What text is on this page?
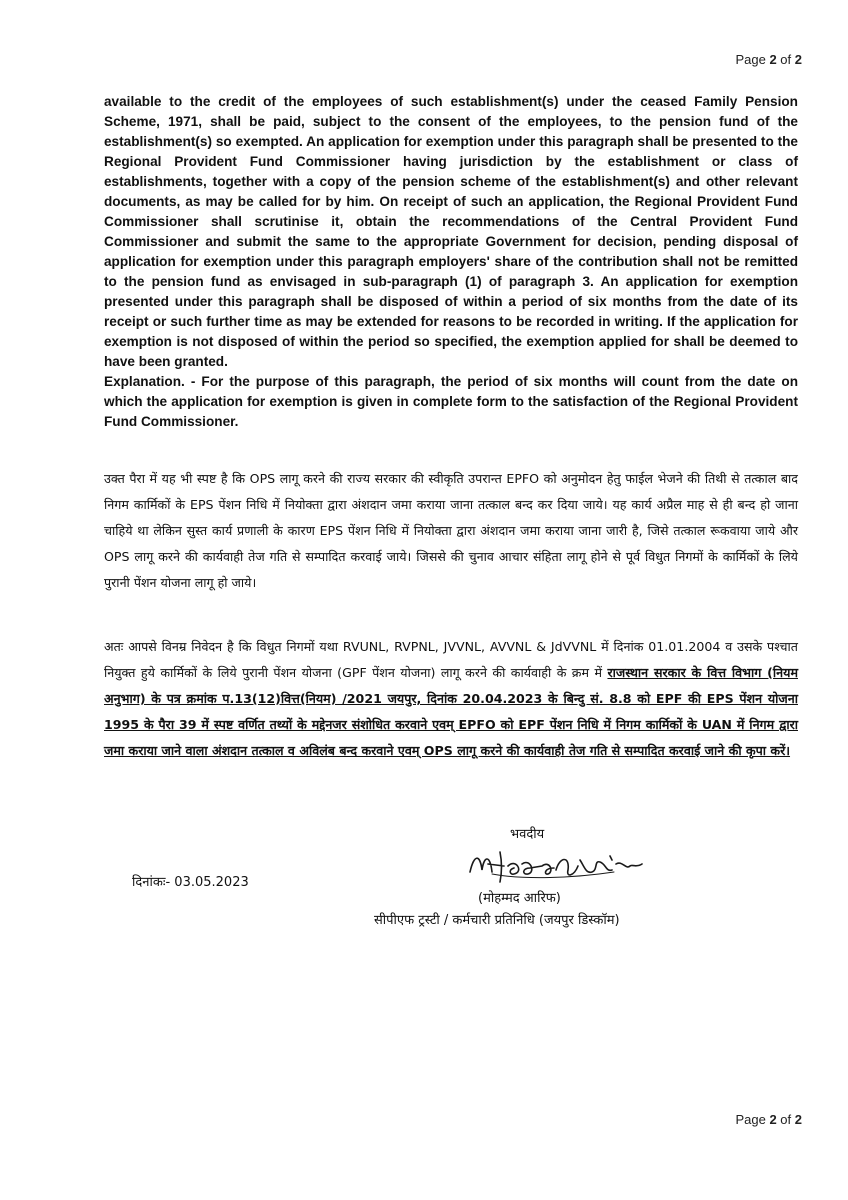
Page 2 of 2

available to the credit of the employees of such establishment(s) under the ceased Family Pension Scheme, 1971, shall be paid, subject to the consent of the employees, to the pension fund of the establishment(s) so exempted. An application for exemption under this paragraph shall be presented to the Regional Provident Fund Commissioner having jurisdiction by the establishment or class of establishments, together with a copy of the pension scheme of the establishment(s) and other relevant documents, as may be called for by him. On receipt of such an application, the Regional Provident Fund Commissioner shall scrutinise it, obtain the recommendations of the Central Provident Fund Commissioner and submit the same to the appropriate Government for decision, pending disposal of application for exemption under this paragraph employers' share of the contribution shall not be remitted to the pension fund as envisaged in sub-paragraph (1) of paragraph 3. An application for exemption presented under this paragraph shall be disposed of within a period of six months from the date of its receipt or such further time as may be extended for reasons to be recorded in writing. If the application for exemption is not disposed of within the period so specified, the exemption applied for shall be deemed to have been granted.

Explanation. - For the purpose of this paragraph, the period of six months will count from the date on which the application for exemption is given in complete form to the satisfaction of the Regional Provident Fund Commissioner.

उक्त पैरा में यह भी स्पष्ट है कि OPS लागू करने की राज्य सरकार की स्वीकृति उपरान्त EPFO को अनुमोदन हेतु फाईल भेजने की तिथी से तत्काल बाद निगम कार्मिकों के EPS पेंशन निधि में नियोक्ता द्वारा अंशदान जमा कराया जाना तत्काल बन्द कर दिया जाये। यह कार्य अप्रैल माह से ही बन्द हो जाना चाहिये था लेकिन सुस्त कार्य प्रणाली के कारण EPS पेंशन निधि में नियोक्ता द्वारा अंशदान जमा कराया जाना जारी है, जिसे तत्काल रूकवाया जाये और OPS लागू करने की कार्यवाही तेज गति से सम्पादित करवाई जाये। जिससे की चुनाव आचार संहिता लागू होने से पूर्व विधुत निगमों के कार्मिकों के लिये पुरानी पेंशन योजना लागू हो जाये।
अतः आपसे विनम्र निवेदन है कि विधुत निगमों यथा RVUNL, RVPNL, JVVNL, AVVNL & JdVVNL में दिनांक 01.01.2004 व उसके पश्चात नियुक्त हुये कार्मिकों के लिये पुरानी पेंशन योजना (GPF पेंशन योजना) लागू करने की कार्यवाही के क्रम में राजस्थान सरकार के वित्त विभाग (नियम अनुभाग) के पत्र क्रमांक प.13(12)वित्त(नियम) /2021 जयपुर, दिनांक 20.04.2023 के बिन्दु सं. 8.8 को EPF की EPS पेंशन योजना 1995 के पैरा 39 में स्पष्ट वर्णित तथ्यों के मद्देनजर संशोधित करवाने एवम् EPFO को EPF पेंशन निधि में निगम कार्मिकों के UAN में निगम द्वारा जमा कराया जाने वाला अंशदान तत्काल व अविलंब बन्द करवाने एवम् OPS लागू करने की कार्यवाही तेज गति से सम्पादित करवाई जाने की कृपा करें।
भवदीय
(मोहम्मद आरिफ)
सीपीएफ ट्रस्टी / कर्मचारी प्रतिनिधि (जयपुर डिस्कॉम)
दिनांकः- 03.05.2023
Page 2 of 2
